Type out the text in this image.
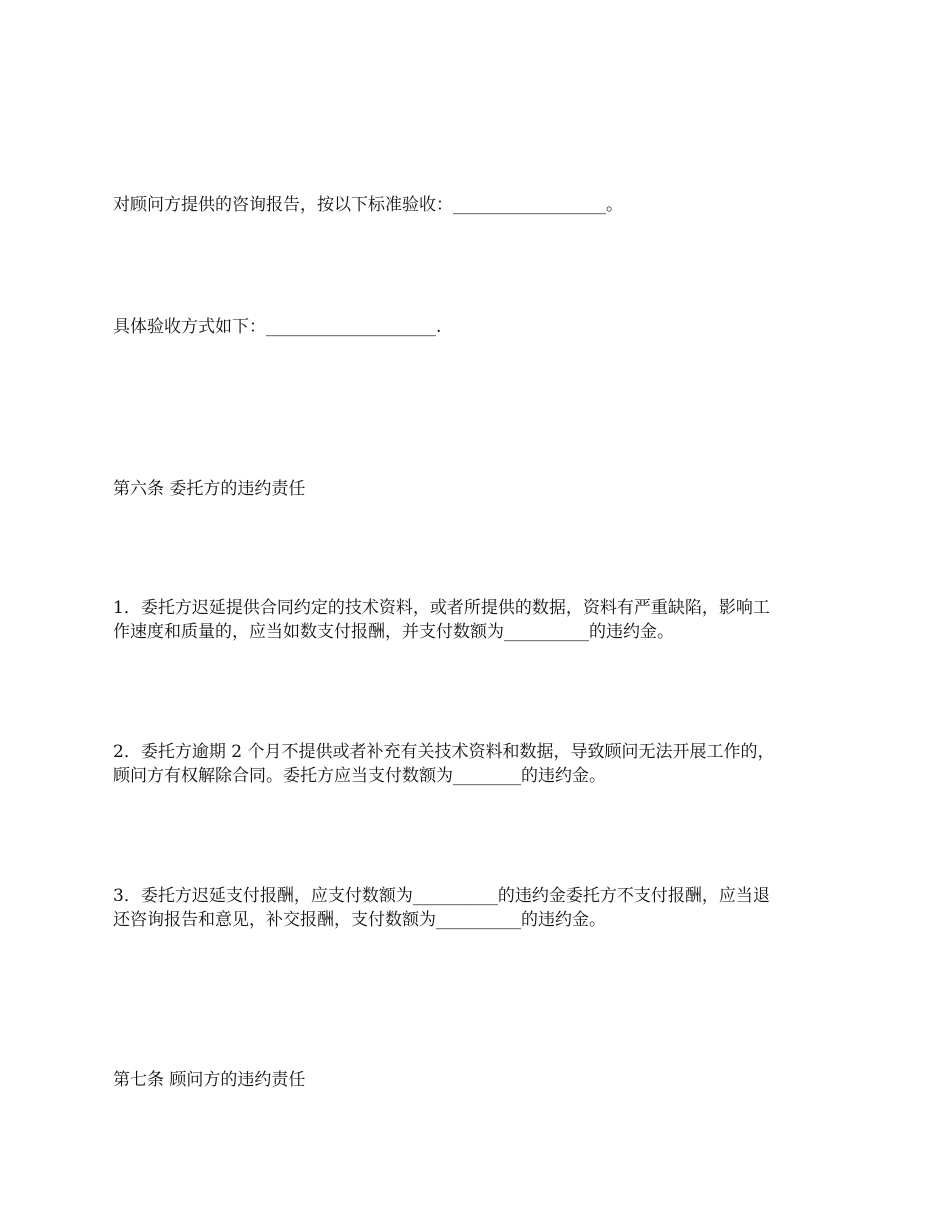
对顾问方提供的咨询报告，按以下标准验收：__________________。

具体验收方式如下：____________________.

第六条 委托方的违约责任

1．委托方迟延提供合同约定的技术资料，或者所提供的数据，资料有严重缺陷，影响工
作速度和质量的，应当如数支付报酬，并支付数额为__________的违约金。
2．委托方逾期 2 个月不提供或者补充有关技术资料和数据，导致顾问无法开展工作的，
顾问方有权解除合同。委托方应当支付数额为________的违约金。
3．委托方迟延支付报酬，应支付数额为__________的违约金委托方不支付报酬，应当退
还咨询报告和意见，补交报酬，支付数额为__________的违约金。

第七条 顾问方的违约责任
